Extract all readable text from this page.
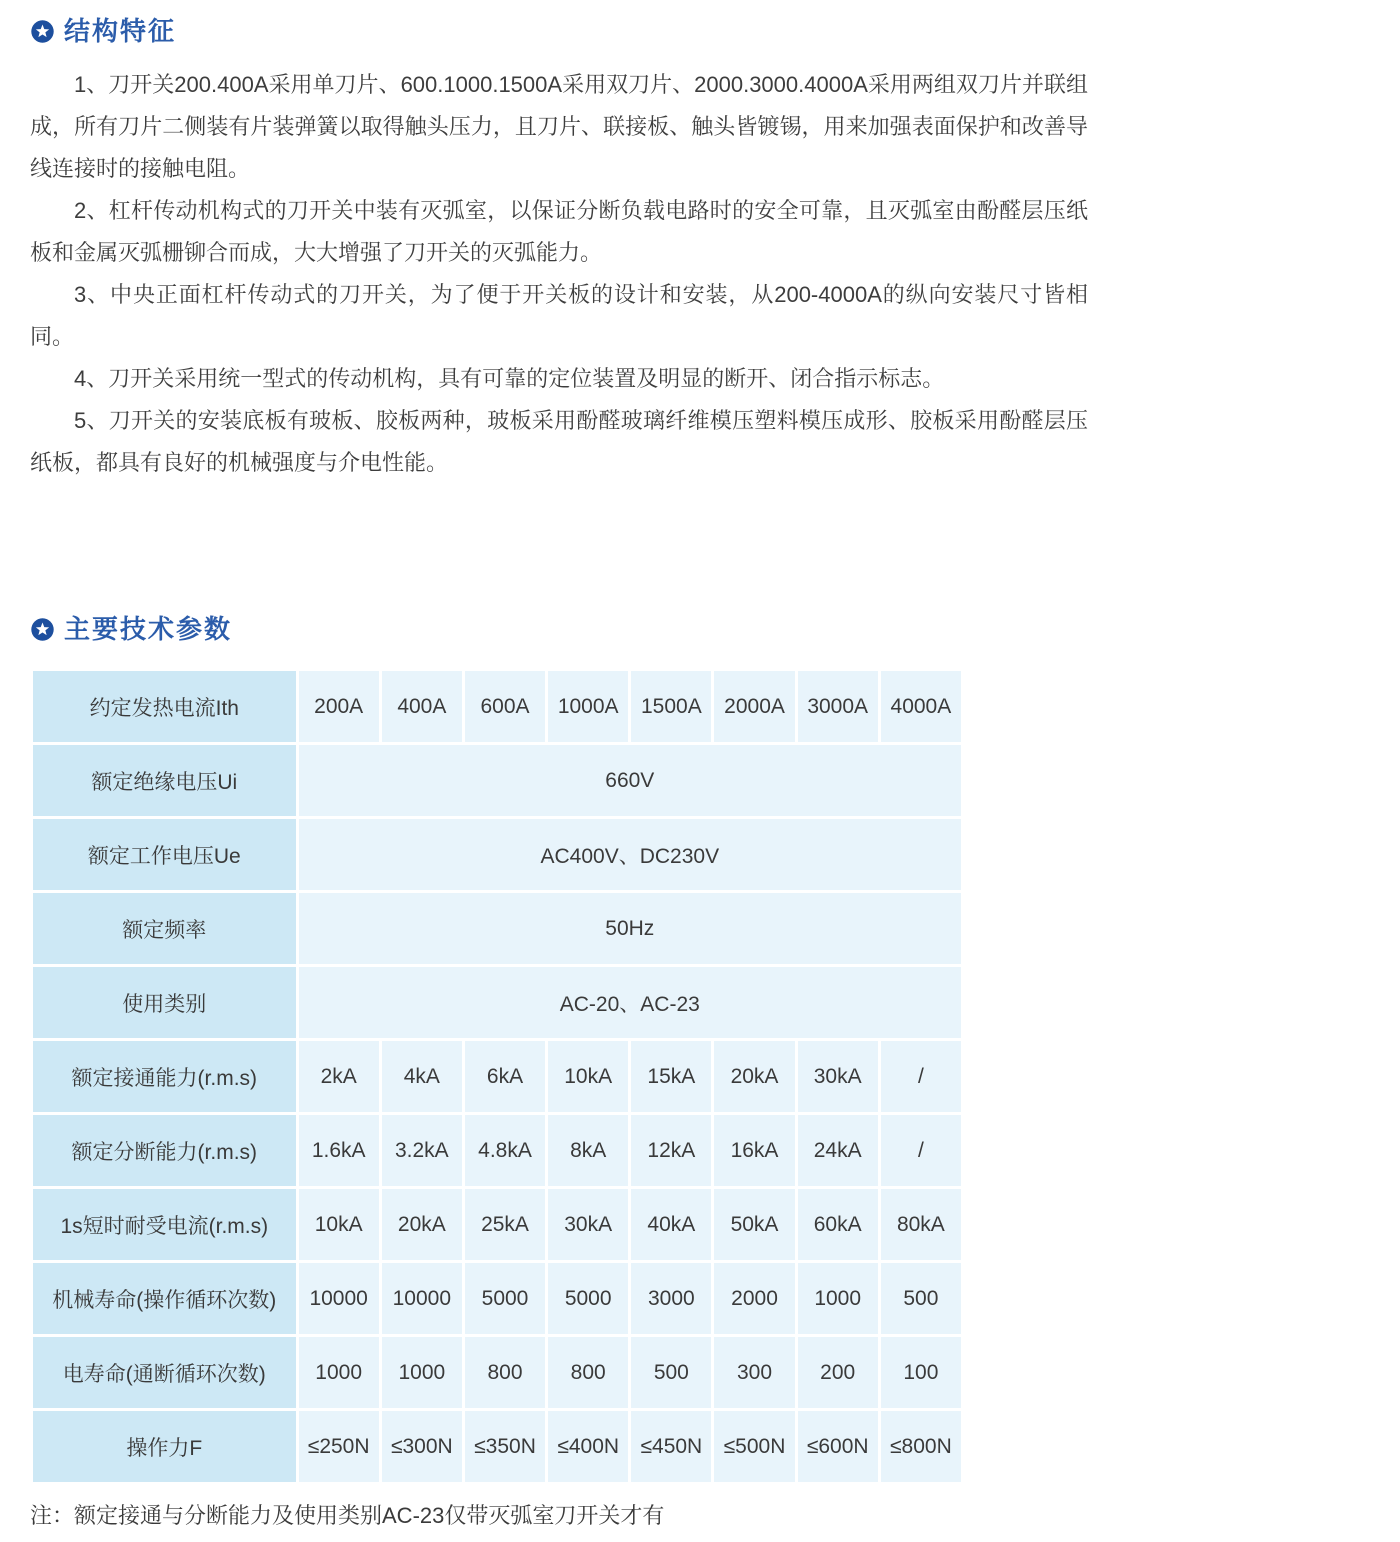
结构特征

1、刀开关200.400A采用单刀片、600.1000.1500A采用双刀片、2000.3000.4000A采用两组双刀片并联组成，所有刀片二侧装有片装弹簧以取得触头压力，且刀片、联接板、触头皆镀锡，用来加强表面保护和改善导线连接时的接触电阻。

2、杠杆传动机构式的刀开关中装有灭弧室，以保证分断负载电路时的安全可靠，且灭弧室由酚醛层压纸板和金属灭弧栅铆合而成，大大增强了刀开关的灭弧能力。

3、中央正面杠杆传动式的刀开关，为了便于开关板的设计和安装，从200-4000A的纵向安装尺寸皆相同。

4、刀开关采用统一型式的传动机构，具有可靠的定位装置及明显的断开、闭合指示标志。

5、刀开关的安装底板有玻板、胶板两种，玻板采用酚醛玻璃纤维模压塑料模压成形、胶板采用酚醛层压纸板，都具有良好的机械强度与介电性能。

主要技术参数
约定发热电流Ith	200A	400A	600A	1000A	1500A	2000A	3000A	4000A
额定绝缘电压Ui	660V							
额定工作电压Ue	AC400V、DC230V							
额定频率	50Hz							
使用类别	AC-20、AC-23							
额定接通能力(r.m.s)	2kA	4kA	6kA	10kA	15kA	20kA	30kA	/
额定分断能力(r.m.s)	1.6kA	3.2kA	4.8kA	8kA	12kA	16kA	24kA	/
1s短时耐受电流(r.m.s)	10kA	20kA	25kA	30kA	40kA	50kA	60kA	80kA
机械寿命(操作循环次数)	10000	10000	5000	5000	3000	2000	1000	500
电寿命(通断循环次数)	1000	1000	800	800	500	300	200	100
操作力F	≤250N	≤300N	≤350N	≤400N	≤450N	≤500N	≤600N	≤800N
注：额定接通与分断能力及使用类别AC-23仅带灭弧室刀开关才有
